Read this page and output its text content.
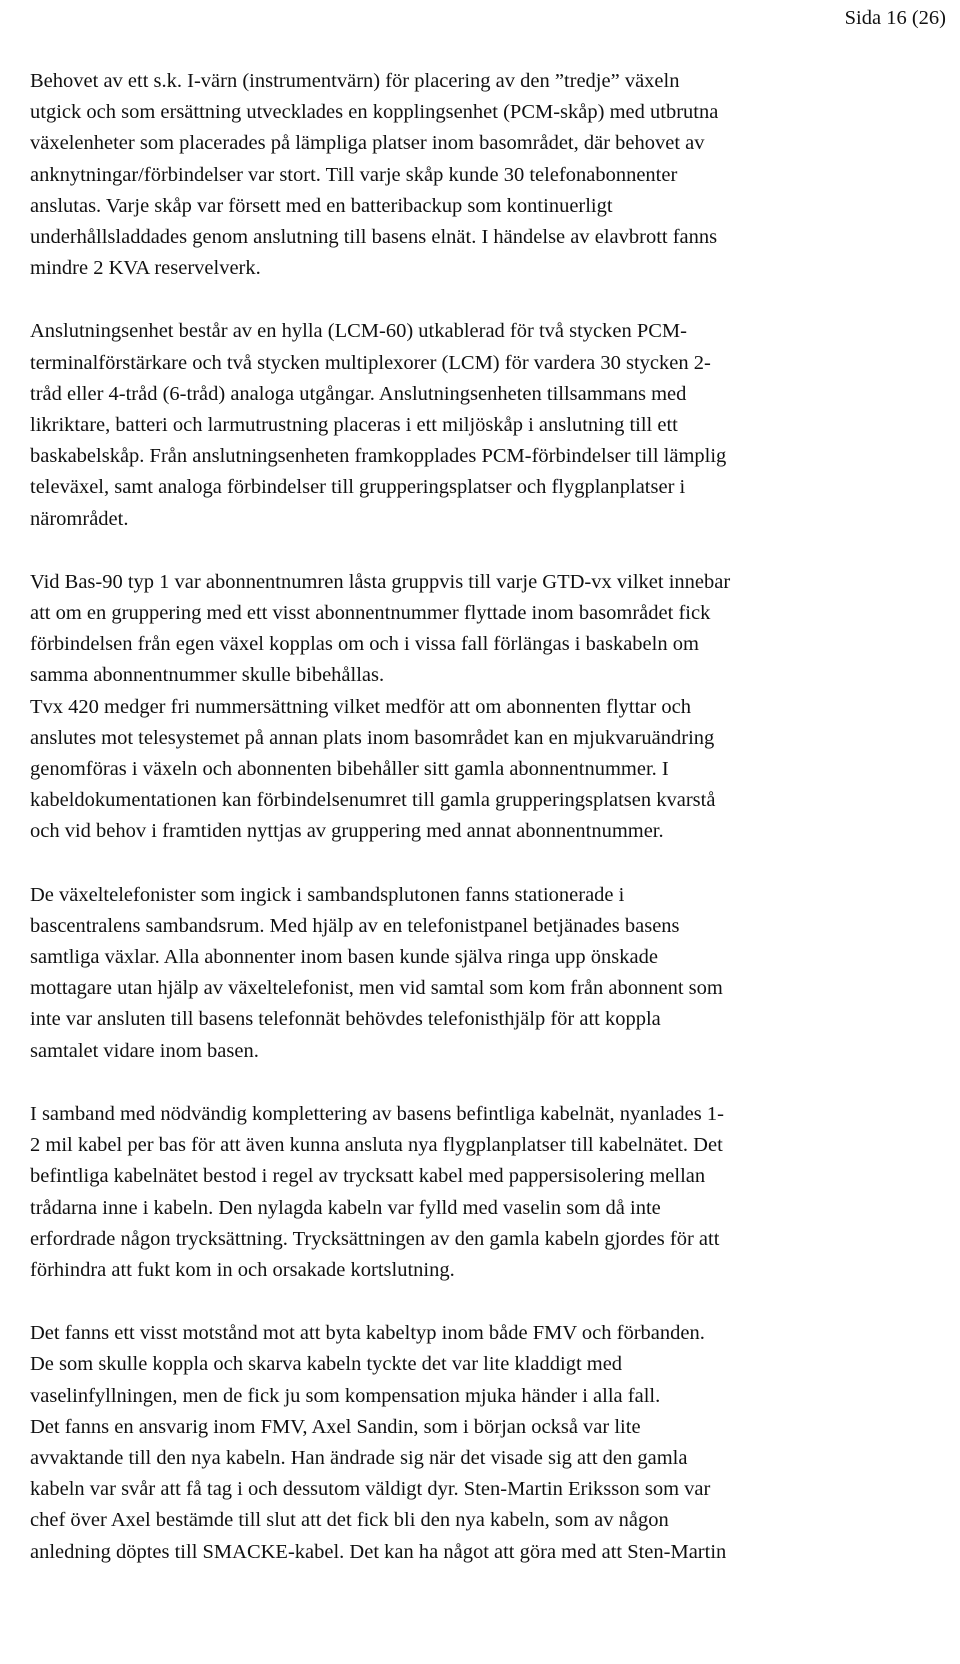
Sida 16 (26)

Behovet av ett s.k. I-värn (instrumentvärn) för placering av den ”tredje” växeln
utgick och som ersättning utvecklades en kopplingsenhet (PCM-skåp) med utbrutna
växelenheter som placerades på lämpliga platser inom basområdet, där behovet av
anknytningar/förbindelser var stort. Till varje skåp kunde 30 telefonabonnenter
anslutas. Varje skåp var försett med en batteribackup som kontinuerligt
underhållsladdades genom anslutning till basens elnät. I händelse av elavbrott fanns
mindre 2 KVA reservelverk.

Anslutningsenhet består av en hylla (LCM-60) utkablerad för två stycken PCM-
terminalförstärkare och två stycken multiplexorer (LCM) för vardera 30 stycken 2-
tråd eller 4-tråd (6-tråd) analoga utgångar. Anslutningsenheten tillsammans med
likriktare, batteri och larmutrustning placeras i ett miljöskåp i anslutning till ett
baskabelskåp. Från anslutningsenheten framkopplades PCM-förbindelser till lämplig
televäxel, samt analoga förbindelser till grupperingsplatser och flygplanplatser i
närområdet.

Vid Bas-90 typ 1 var abonnentnumren låsta gruppvis till varje GTD-vx vilket innebar
att om en gruppering med ett visst abonnentnummer flyttade inom basområdet fick
förbindelsen från egen växel kopplas om och i vissa fall förlängas i baskabeln om
samma abonnentnummer skulle bibehållas.
Tvx 420 medger fri nummersättning vilket medför att om abonnenten flyttar och
anslutes mot telesystemet på annan plats inom basområdet kan en mjukvaruändring
genomföras i växeln och abonnenten bibehåller sitt gamla abonnentnummer. I
kabeldokumentationen kan förbindelsenumret till gamla grupperingsplatsen kvarstå
och vid behov i framtiden nyttjas av gruppering med annat abonnentnummer.

De växeltelefonister som ingick i sambandsplutonen fanns stationerade i
bascentralens sambandsrum. Med hjälp av en telefonistpanel betjänades basens
samtliga växlar. Alla abonnenter inom basen kunde själva ringa upp önskade
mottagare utan hjälp av växeltelefonist, men vid samtal som kom från abonnent som
inte var ansluten till basens telefonnät behövdes telefonisthjälp för att koppla
samtalet vidare inom basen.

I samband med nödvändig komplettering av basens befintliga kabelnät, nyanlades 1-
2 mil kabel per bas för att även kunna ansluta nya flygplanplatser till kabelnätet. Det
befintliga kabelnätet bestod i regel av trycksatt kabel med pappersisolering mellan
trådarna inne i kabeln. Den nylagda kabeln var fylld med vaselin som då inte
erfordrade någon trycksättning. Trycksättningen av den gamla kabeln gjordes för att
förhindra att fukt kom in och orsakade kortslutning.

Det fanns ett visst motstånd mot att byta kabeltyp inom både FMV och förbanden.
De som skulle koppla och skarva kabeln tyckte det var lite kladdigt med
vaselinfyllningen, men de fick ju som kompensation mjuka händer i alla fall.
Det fanns en ansvarig inom FMV, Axel Sandin, som i början också var lite
avvaktande till den nya kabeln. Han ändrade sig när det visade sig att den gamla
kabeln var svår att få tag i och dessutom väldigt dyr. Sten-Martin Eriksson som var
chef över Axel bestämde till slut att det fick bli den nya kabeln, som av någon
anledning döptes till SMACKE-kabel. Det kan ha något att göra med att Sten-Martin
